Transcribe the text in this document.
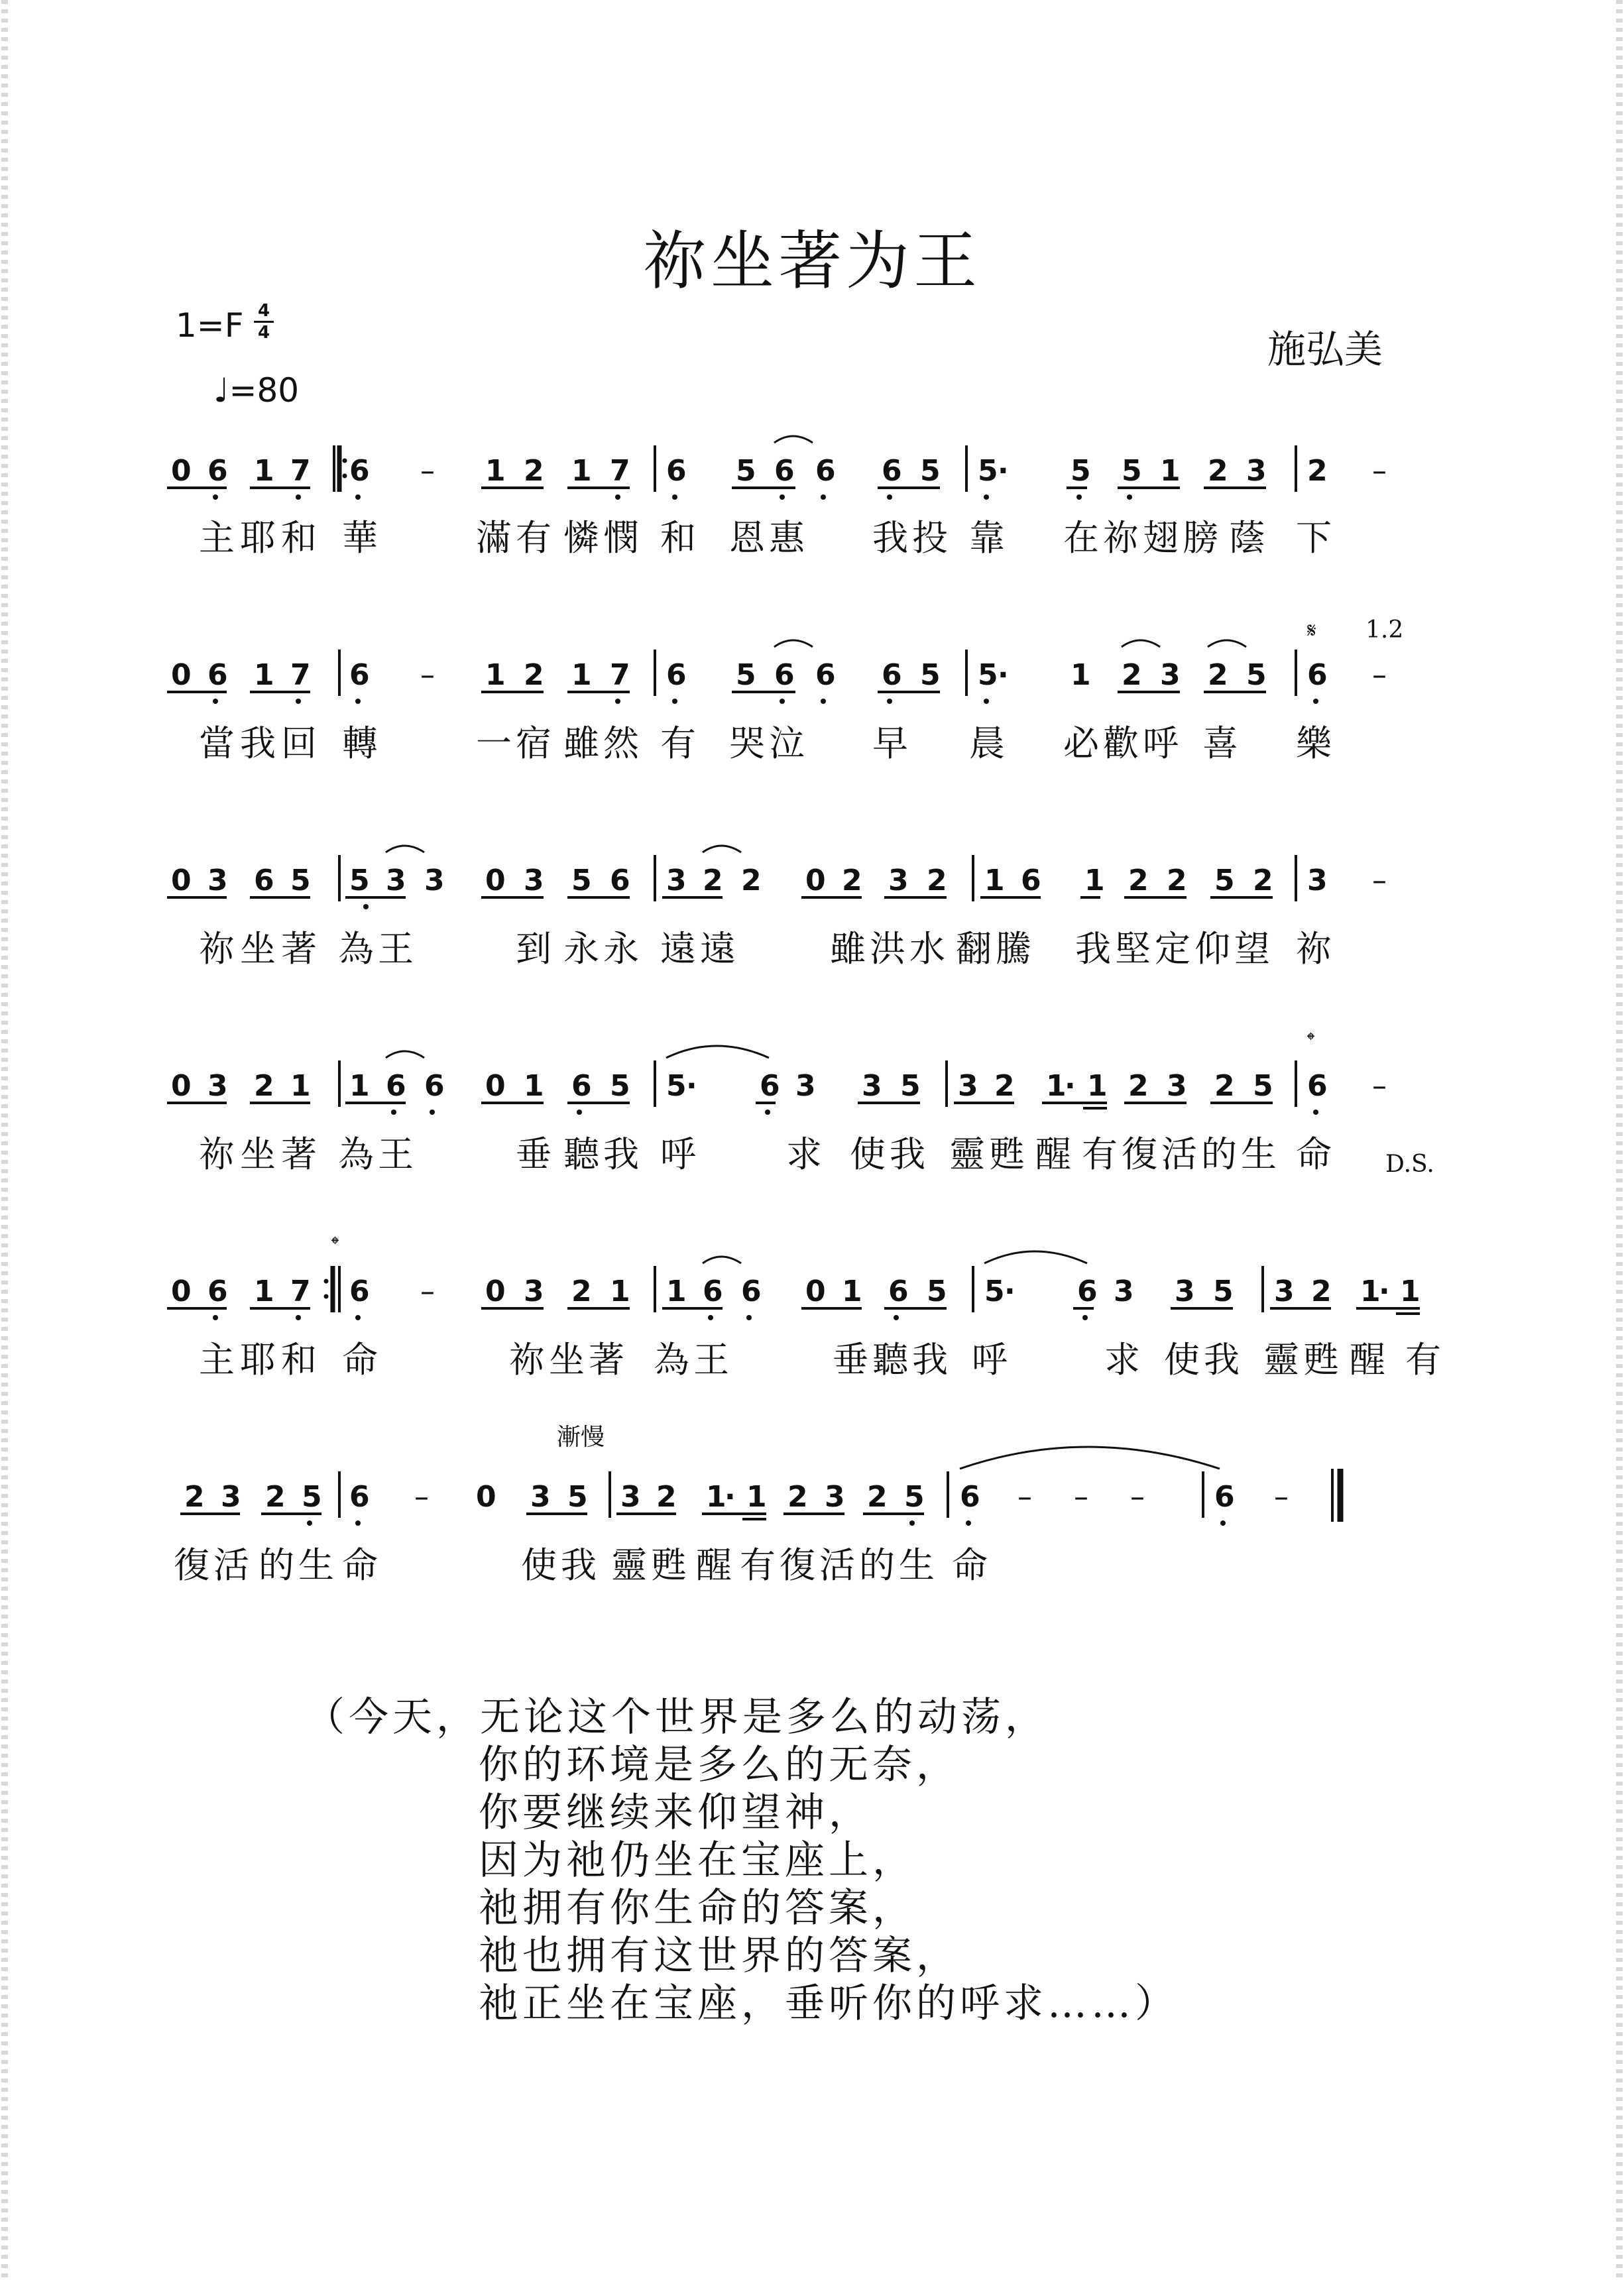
祢坐著为王
施弘美
1=F 4
4
♩=80
0 6 1 7 6 – 1 2 1 7 6 5 6 6 6 5 5 · 5 5 1 2 3 2 –
主 耶 和 華	滿 有 憐 憫 和 恩 惠 我 投 靠 在 祢 翅 膀 蔭 下
0 6 1 7 6 – 1 2 1 7 6 5 6 6 6 5 5 · 1 2 3 2 5 6 –
𝄋 1.2
當 我 回 轉	一 宿 雖 然 有 哭 泣 早 晨 必 歡 呼 喜 樂
0 3 6 5 5 3 3 0 3 5 6 3 2 2 0 2 3 2 1 6 1 2 2 5 2 3 –
祢 坐 著 為 王	到 永 永 遠 遠	雖 洪 水 翻 騰 我 堅 定 仰 望 祢
0 3 2 1 1 6 6 0 1 6 5 5 · 6 3 3 5 3 2 1
· 1 2 3 2 5 6 –
𝄌
D.S.
祢 坐 著 為 王	垂 聽 我 呼	求 使 我 靈 甦 醒 有 復 活 的 生 命
0 6 1 7 6 – 0 3 2 1 1 6 6 0 1 6 5 5 · 6 3 3 5 3 2 1
· 1
𝄌
主 耶 和 命	祢 坐 著 為 王	垂 聽 我 呼	求 使 我 靈 甦 醒 有
2 3 2 5 6 – 0 3 5 3 2 1
· 1 2 3 2 5 6 – – – 6 –
漸慢
復 活 的 生 命	使 我 靈 甦 醒 有 復 活 的 生 命
（今天，无论这个世界是多么的动荡，
你的环境是多么的无奈，
你要继续来仰望神，
因为祂仍坐在宝座上，
祂拥有你生命的答案，
祂也拥有这世界的答案，
祂正坐在宝座，垂听你的呼求……）
